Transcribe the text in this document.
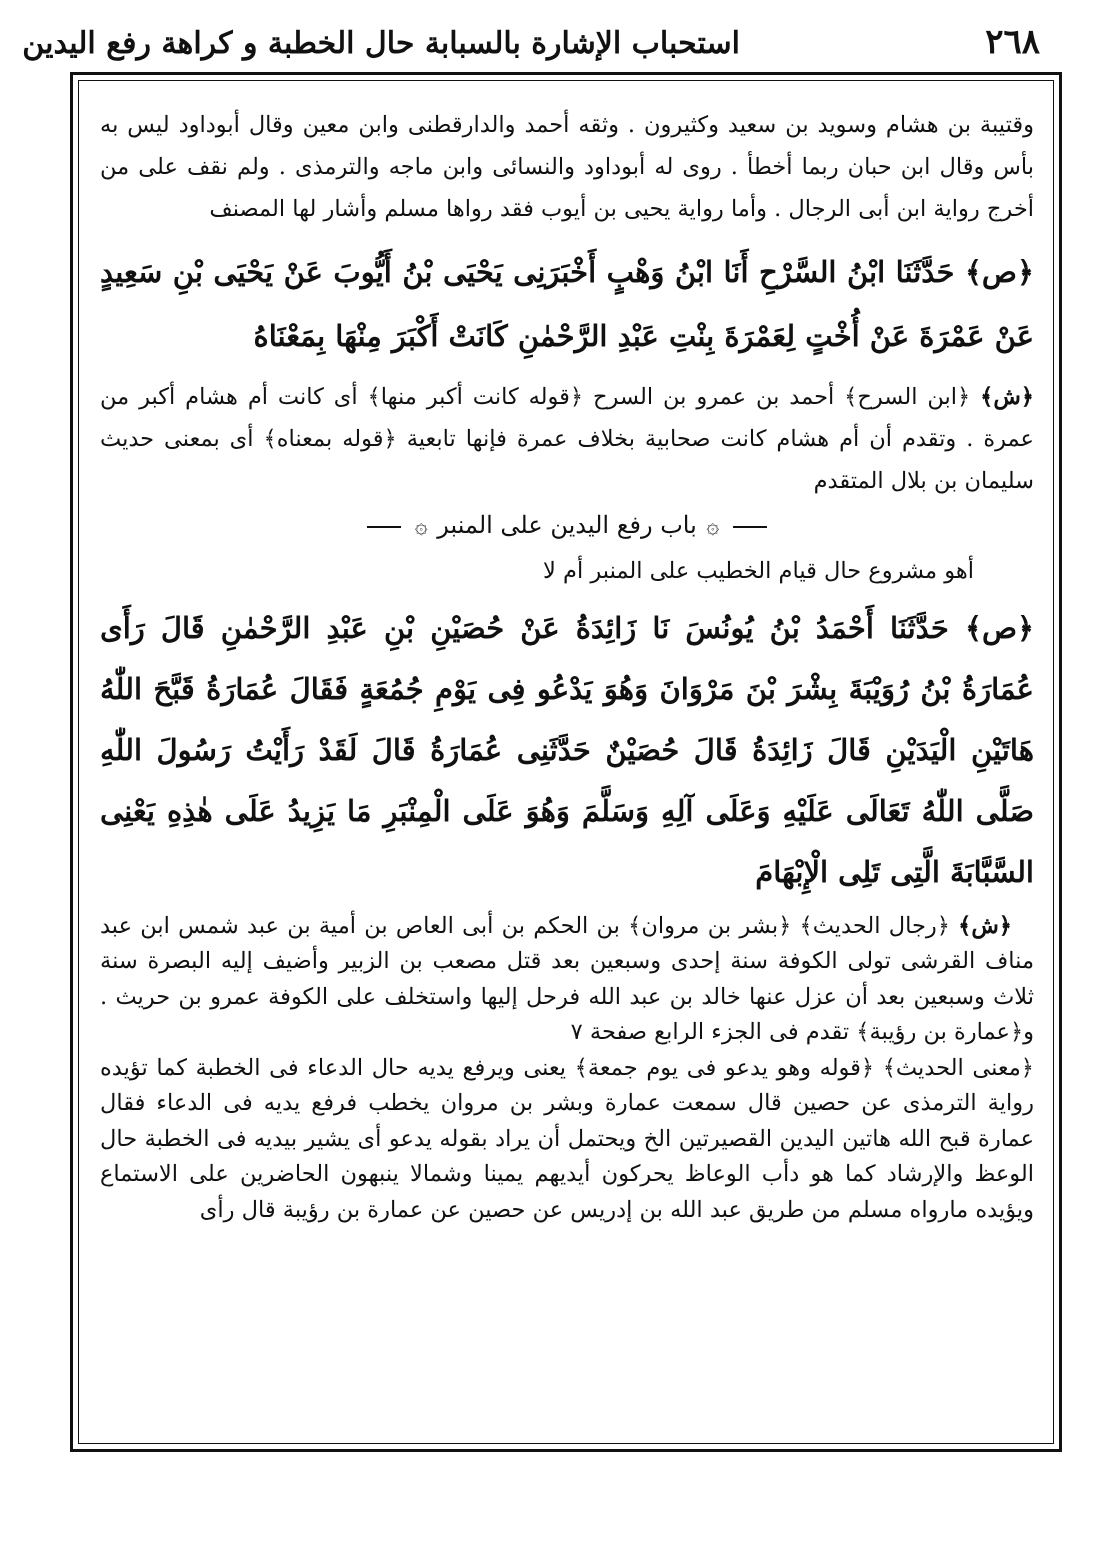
٢٦٨
استحباب الإشارة بالسبابة حال الخطبة و كراهة رفع اليدين

وقتيبة بن هشام وسويد بن سعيد وكثيرون . وثقه أحمد والدارقطنى وابن معين وقال أبوداود ليس به بأس وقال ابن حبان ربما أخطأ . روى له أبوداود والنسائى وابن ماجه والترمذى . ولم نقف على من أخرج رواية ابن أبى الرجال . وأما رواية يحيى بن أيوب فقد رواها مسلم وأشار لها المصنف

﴿ص﴾ حَدَّثَنَا ابْنُ السَّرْحِ أَنَا ابْنُ وَهْبٍ أَخْبَرَنِى يَحْيَى بْنُ أَيُّوبَ عَنْ يَحْيَى بْنِ سَعِيدٍ عَنْ عَمْرَةَ عَنْ أُخْتٍ لِعَمْرَةَ بِنْتِ عَبْدِ الرَّحْمٰنِ كَانَتْ أَكْبَرَ مِنْهَا بِمَعْنَاهُ

﴿ش﴾ ﴿ابن السرح﴾ أحمد بن عمرو بن السرح ﴿قوله كانت أكبر منها﴾ أى كانت أم هشام أكبر من عمرة . وتقدم أن أم هشام كانت صحابية بخلاف عمرة فإنها تابعية ﴿قوله بمعناه﴾ أى بمعنى حديث سليمان بن بلال المتقدم

۞ باب رفع اليدين على المنبر ۞

أهو مشروع حال قيام الخطيب على المنبر أم لا

﴿ص﴾ حَدَّثَنَا أَحْمَدُ بْنُ يُونُسَ نَا زَائِدَةُ عَنْ حُصَيْنِ بْنِ عَبْدِ الرَّحْمٰنِ قَالَ رَأَى عُمَارَةُ بْنُ رُوَيْبَةَ بِشْرَ بْنَ مَرْوَانَ وَهُوَ يَدْعُو فِى يَوْمِ جُمُعَةٍ فَقَالَ عُمَارَةُ قَبَّحَ اللّٰهُ هَاتَيْنِ الْيَدَيْنِ قَالَ زَائِدَةُ قَالَ حُصَيْنٌ حَدَّثَنِى عُمَارَةُ قَالَ لَقَدْ رَأَيْتُ رَسُولَ اللّٰهِ صَلَّى اللّٰهُ تَعَالَى عَلَيْهِ وَعَلَى آلِهِ وَسَلَّمَ وَهُوَ عَلَى الْمِنْبَرِ مَا يَزِيدُ عَلَى هٰذِهِ يَعْنِى السَّبَّابَةَ الَّتِى تَلِى الْإِبْهَامَ

﴿ش﴾ ﴿رجال الحديث﴾ ﴿بشر بن مروان﴾ بن الحكم بن أبى العاص بن أمية بن عبد شمس ابن عبد مناف القرشى تولى الكوفة سنة إحدى وسبعين بعد قتل مصعب بن الزبير وأضيف إليه البصرة سنة ثلاث وسبعين بعد أن عزل عنها خالد بن عبد الله فرحل إليها واستخلف على الكوفة عمرو بن حريث . و﴿عمارة بن رؤيبة﴾ تقدم فى الجزء الرابع صفحة ٧

﴿معنى الحديث﴾ ﴿قوله وهو يدعو فى يوم جمعة﴾ يعنى ويرفع يديه حال الدعاء فى الخطبة كما تؤيده رواية الترمذى عن حصين قال سمعت عمارة وبشر بن مروان يخطب فرفع يديه فى الدعاء فقال عمارة قبح الله هاتين اليدين القصيرتين الخ ويحتمل أن يراد بقوله يدعو أى يشير بيديه فى الخطبة حال الوعظ والإرشاد كما هو دأب الوعاظ يحركون أيديهم يمينا وشمالا ينبهون الحاضرين على الاستماع ويؤيده مارواه مسلم من طريق عبد الله بن إدريس عن حصين عن عمارة بن رؤيبة قال رأى
